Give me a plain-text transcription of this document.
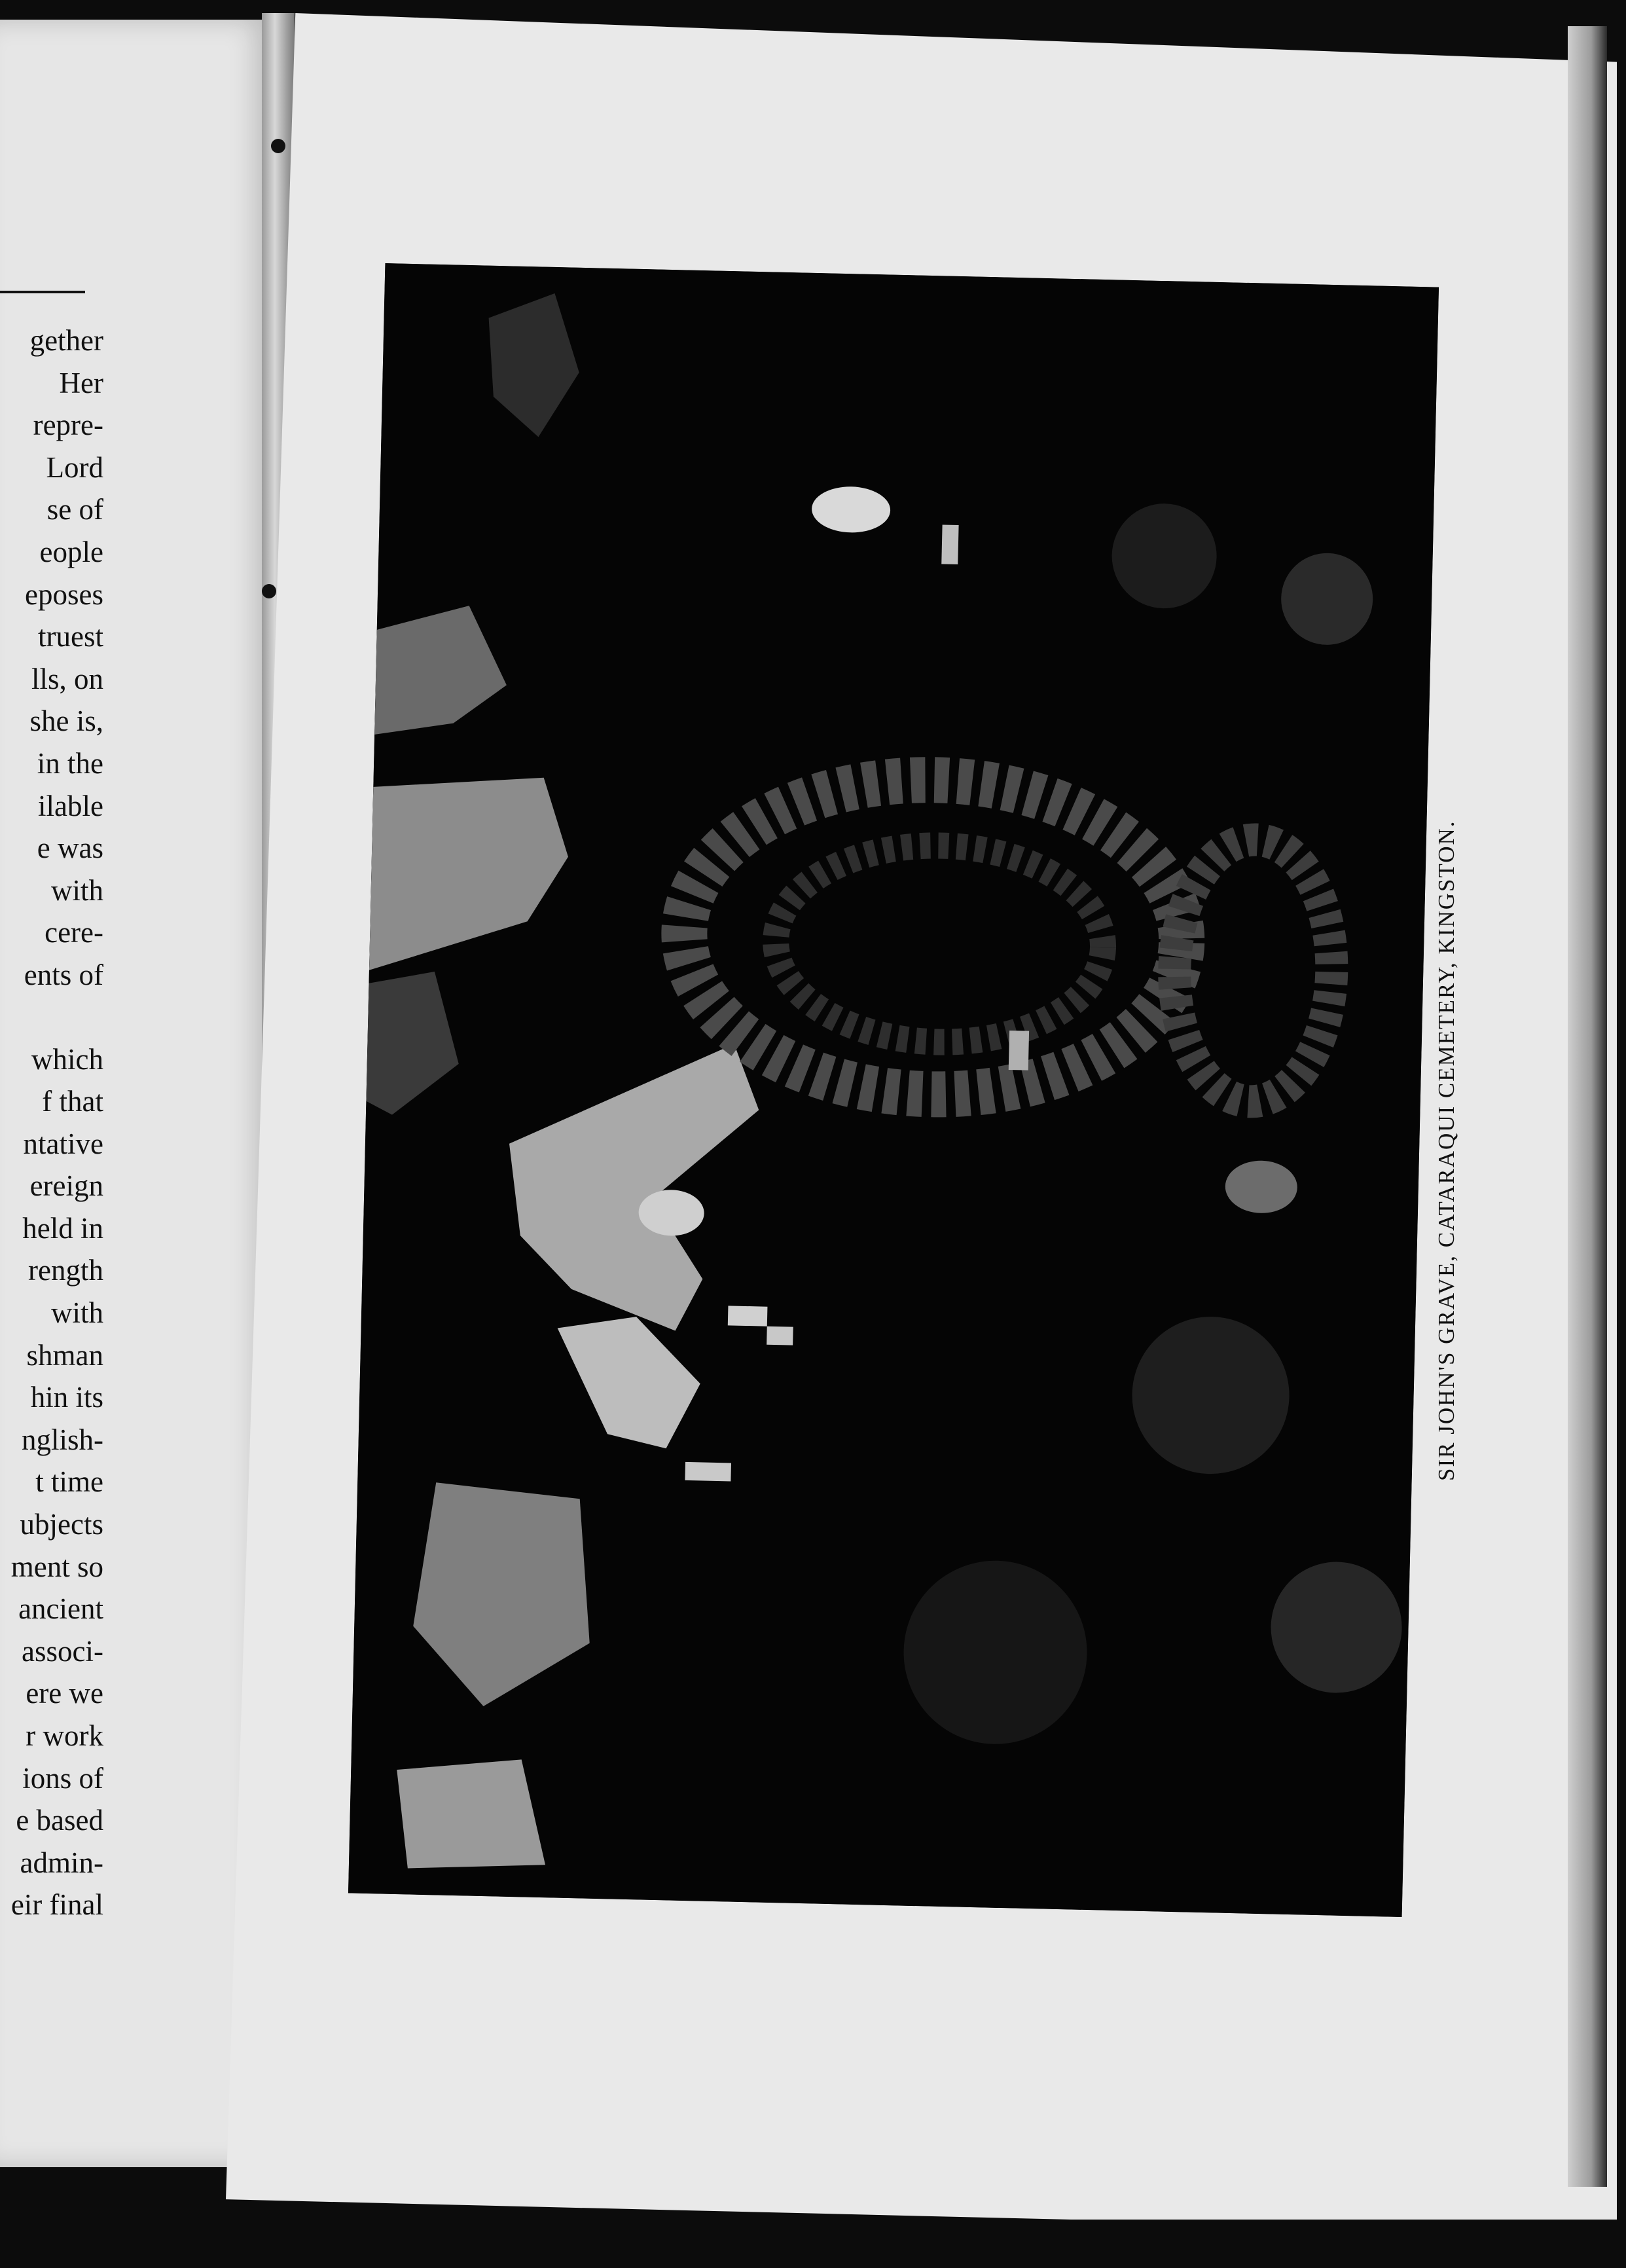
gether
Her
repre-
Lord
se of
eople
eposes
truest
lls, on
she is,
in the
ilable
e was
with
cere-
ents of
which
f that
ntative
ereign
held in
rength
with
shman
hin its
nglish-
t time
ubjects
ment so
ancient
associ-
ere we
r work
ions of
e based
admin-
eir final
SIR JOHN'S GRAVE, CATARAQUI CEMETERY, KINGSTON.
